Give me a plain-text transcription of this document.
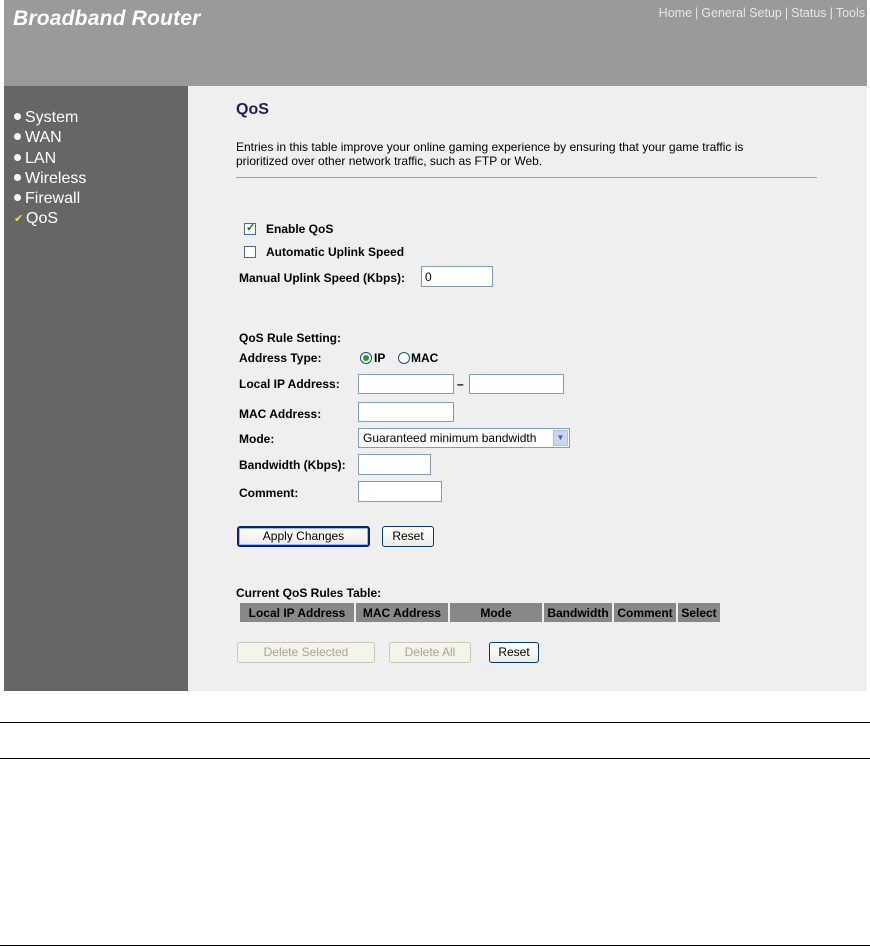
Broadband Router	Home | General Setup | Status | Tools
System
WAN
LAN
Wireless
Firewall
✔ QoS
QoS
Entries in this table improve your online gaming experience by ensuring that your game traffic is prioritized over other network traffic, such as FTP or Web.
✓ Enable QoS
Automatic Uplink Speed
Manual Uplink Speed (Kbps):
0
QoS Rule Setting:
Address Type:	IP MAC
Local IP Address:	–
MAC Address:
Mode:	Guaranteed minimum bandwidth	▼
Bandwidth (Kbps):
Comment:
Apply Changes	Reset
Current QoS Rules Table:
Local IP Address	MAC Address	Mode	Bandwidth	Comment	Select
Delete Selected	Delete All	Reset
